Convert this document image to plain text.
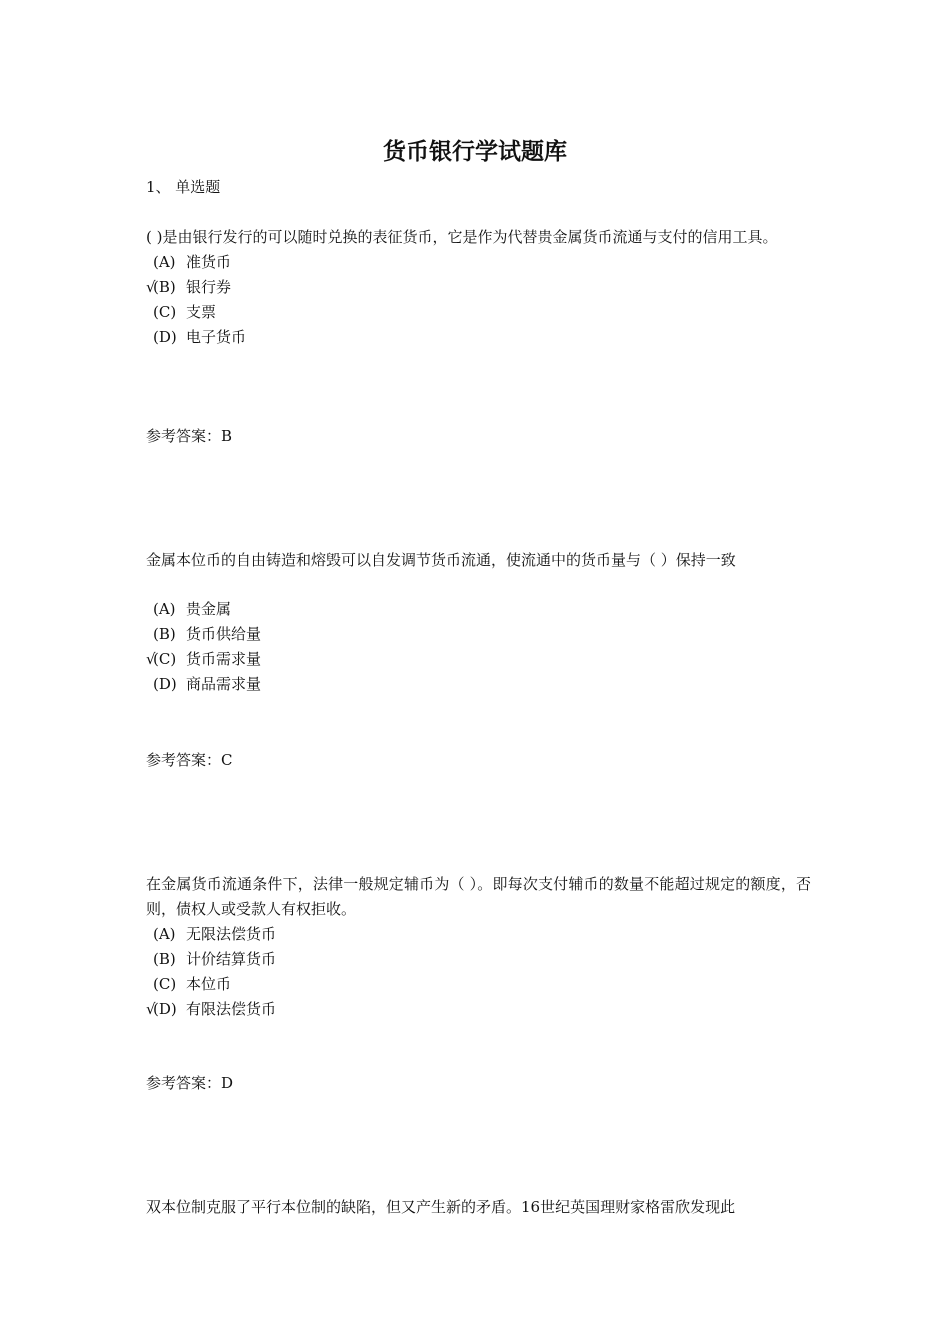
货币银行学试题库
1、 单选题

( )是由银行发行的可以随时兑换的表征货币，它是作为代替贵金属货币流通与支付的信用工具。

(A) 准货币
√
(B) 银行券
(C) 支票
(D) 电子货币
参考答案：B

金属本位币的自由铸造和熔毁可以自发调节货币流通，使流通中的货币量与（ ）保持一致

(A) 贵金属
(B) 货币供给量
√
(C) 货币需求量
(D) 商品需求量
参考答案：C

在金属货币流通条件下，法律一般规定辅币为（ ）。即每次支付辅币的数量不能超过规定的额度，否则，债权人或受款人有权拒收。

(A) 无限法偿货币
(B) 计价结算货币
(C) 本位币
√
(D) 有限法偿货币
参考答案：D

双本位制克服了平行本位制的缺陷，但又产生新的矛盾。16世纪英国理财家格雷欣发现此
